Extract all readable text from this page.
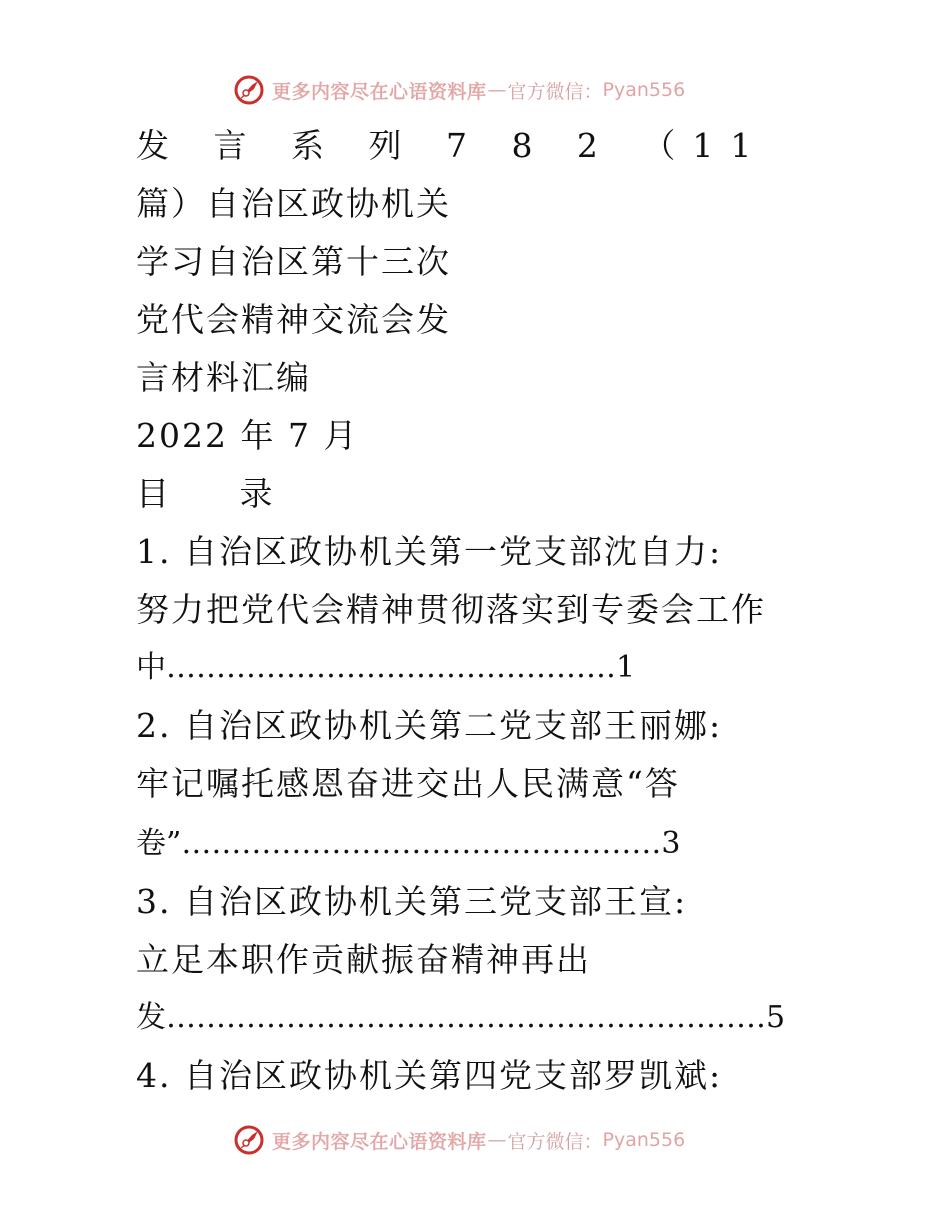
更多内容尽在心语资料库 — 官方微信： Pyan556
发 言 系 列 7 8 2 （11
篇）自治区政协机关
学习自治区第十三次
党代会精神交流会发
言材料汇编
2022 年 7 月
目 录
1. 自治区政协机关第一党支部沈自力:
努力把党代会精神贯彻落实到专委会工作
中………………………………………1
2. 自治区政协机关第二党支部王丽娜:
牢记嘱托感恩奋进交出人民满意“答
卷”…………………………………………3
3. 自治区政协机关第三党支部王宣:
立足本职作贡献振奋精神再出
发……………………………………………………5
4. 自治区政协机关第四党支部罗凯斌:
更多内容尽在心语资料库 — 官方微信： Pyan556
